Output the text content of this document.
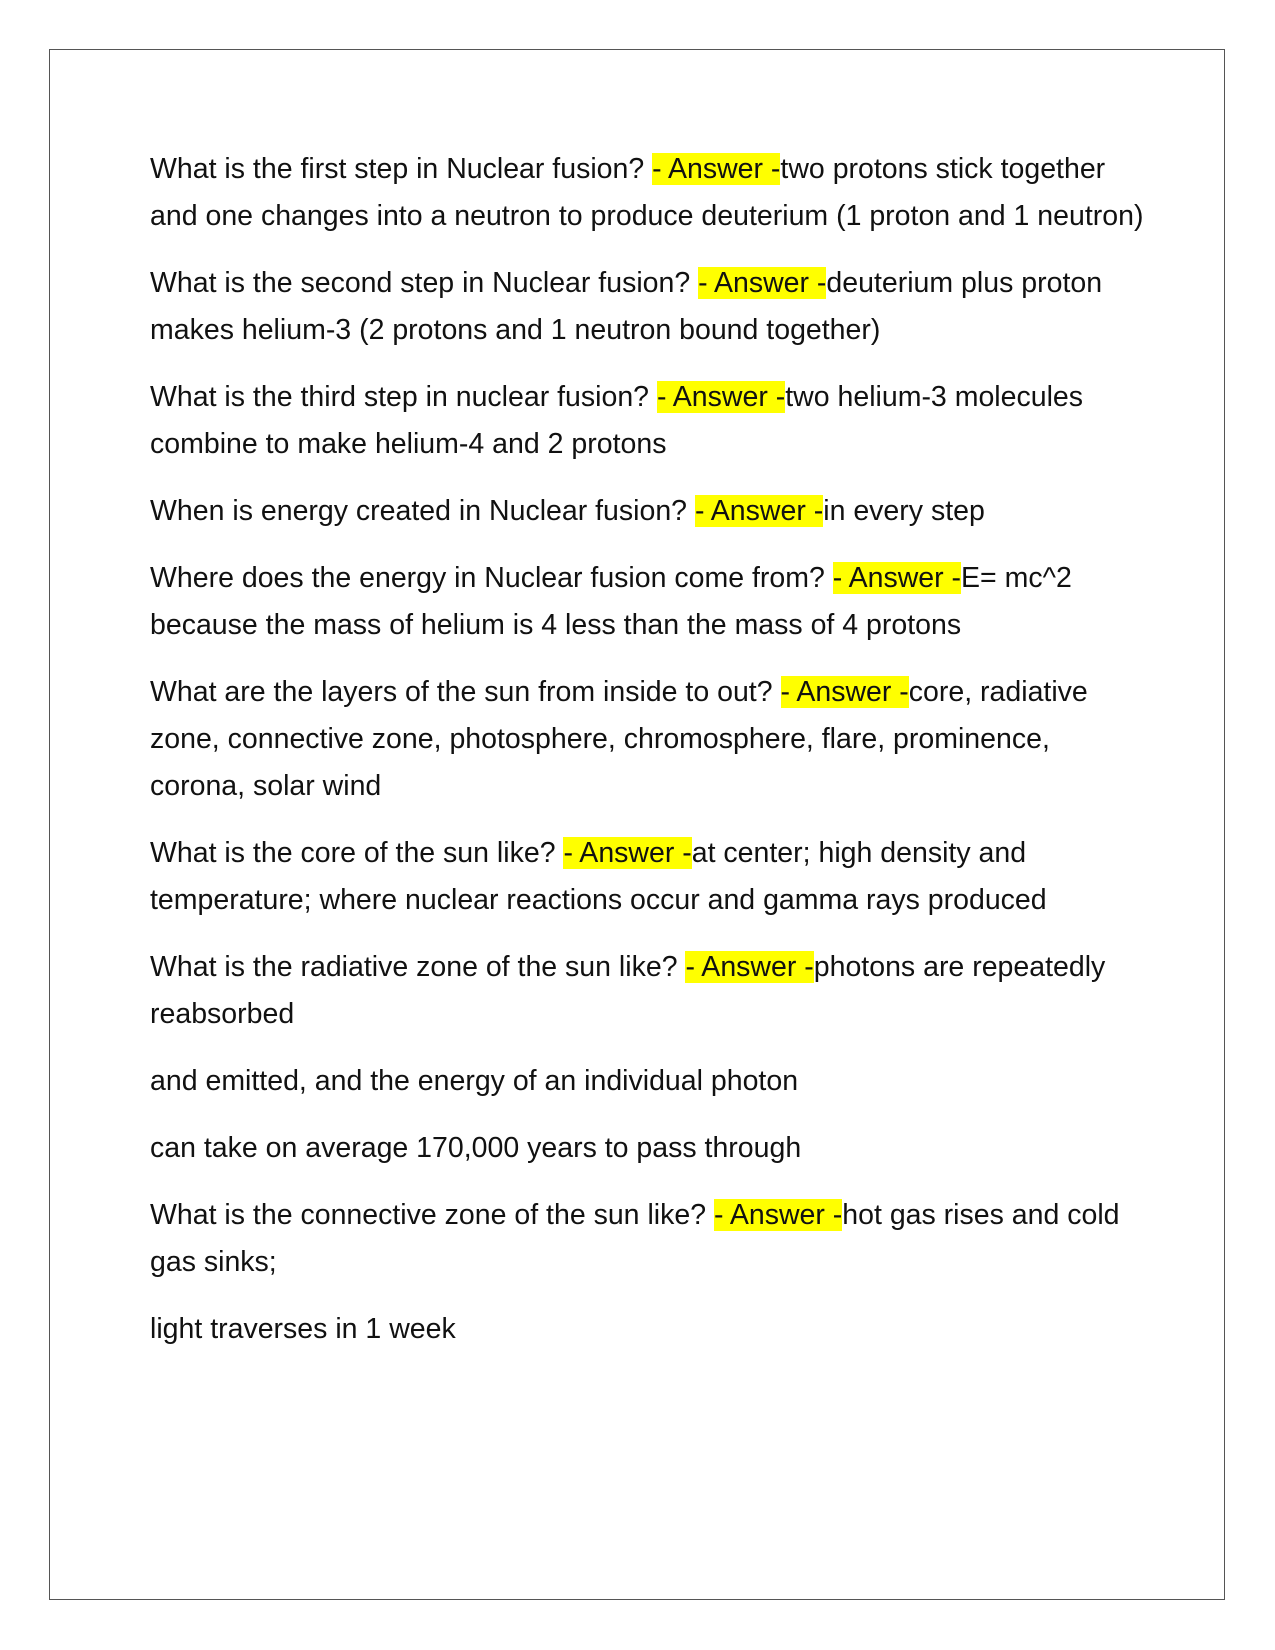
What is the first step in Nuclear fusion? - Answer -two protons stick together and one changes into a neutron to produce deuterium (1 proton and 1 neutron)

What is the second step in Nuclear fusion? - Answer -deuterium plus proton makes helium-3 (2 protons and 1 neutron bound together)

What is the third step in nuclear fusion? - Answer -two helium-3 molecules combine to make helium-4 and 2 protons

When is energy created in Nuclear fusion? - Answer -in every step

Where does the energy in Nuclear fusion come from? - Answer -E= mc^2 because the mass of helium is 4 less than the mass of 4 protons

What are the layers of the sun from inside to out? - Answer -core, radiative zone, connective zone, photosphere, chromosphere, flare, prominence, corona, solar wind

What is the core of the sun like? - Answer -at center; high density and temperature; where nuclear reactions occur and gamma rays produced

What is the radiative zone of the sun like? - Answer -photons are repeatedly reabsorbed

and emitted, and the energy of an individual photon

can take on average 170,000 years to pass through

What is the connective zone of the sun like? - Answer -hot gas rises and cold gas sinks;

light traverses in 1 week
